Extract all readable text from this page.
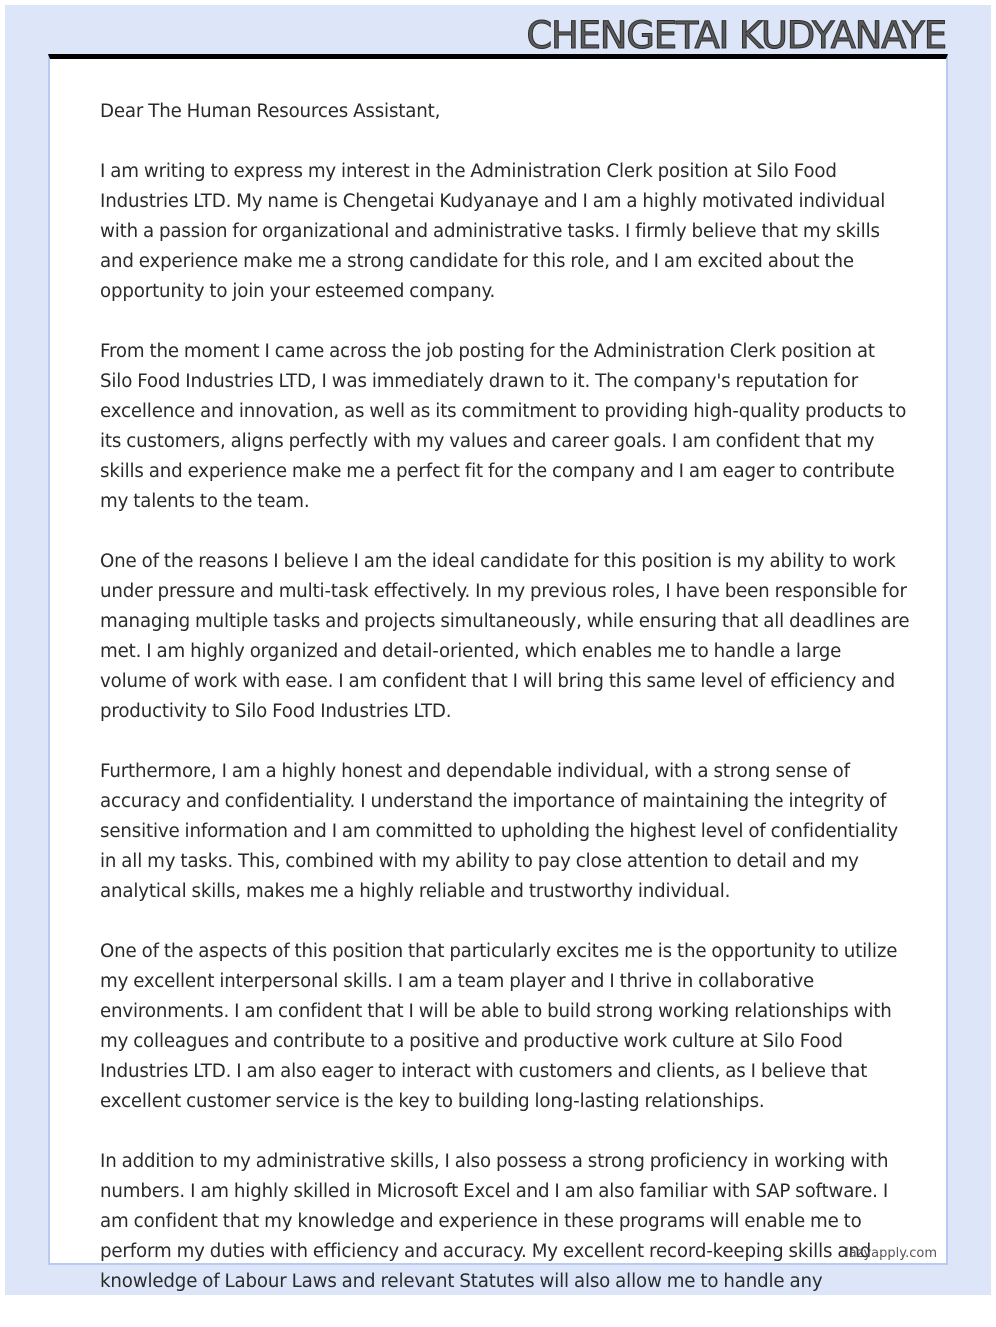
CHENGETAI KUDYANAYE

Dear The Human Resources Assistant,

I am writing to express my interest in the Administration Clerk position at Silo Food Industries LTD. My name is Chengetai Kudyanaye and I am a highly motivated individual with a passion for organizational and administrative tasks. I firmly believe that my skills and experience make me a strong candidate for this role, and I am excited about the opportunity to join your esteemed company.

From the moment I came across the job posting for the Administration Clerk position at Silo Food Industries LTD, I was immediately drawn to it. The company's reputation for excellence and innovation, as well as its commitment to providing high-quality products to its customers, aligns perfectly with my values and career goals. I am confident that my skills and experience make me a perfect fit for the company and I am eager to contribute my talents to the team.

One of the reasons I believe I am the ideal candidate for this position is my ability to work under pressure and multi-task effectively. In my previous roles, I have been responsible for managing multiple tasks and projects simultaneously, while ensuring that all deadlines are met. I am highly organized and detail-oriented, which enables me to handle a large volume of work with ease. I am confident that I will bring this same level of efficiency and productivity to Silo Food Industries LTD.

Furthermore, I am a highly honest and dependable individual, with a strong sense of accuracy and confidentiality. I understand the importance of maintaining the integrity of sensitive information and I am committed to upholding the highest level of confidentiality in all my tasks. This, combined with my ability to pay close attention to detail and my analytical skills, makes me a highly reliable and trustworthy individual.

One of the aspects of this position that particularly excites me is the opportunity to utilize my excellent interpersonal skills. I am a team player and I thrive in collaborative environments. I am confident that I will be able to build strong working relationships with my colleagues and contribute to a positive and productive work culture at Silo Food Industries LTD. I am also eager to interact with customers and clients, as I believe that excellent customer service is the key to building long-lasting relationships.

In addition to my administrative skills, I also possess a strong proficiency in working with numbers. I am highly skilled in Microsoft Excel and I am also familiar with SAP software. I am confident that my knowledge and experience in these programs will enable me to perform my duties with efficiency and accuracy. My excellent record-keeping skills and knowledge of Labour Laws and relevant Statutes will also allow me to handle any

lazyapply.com
